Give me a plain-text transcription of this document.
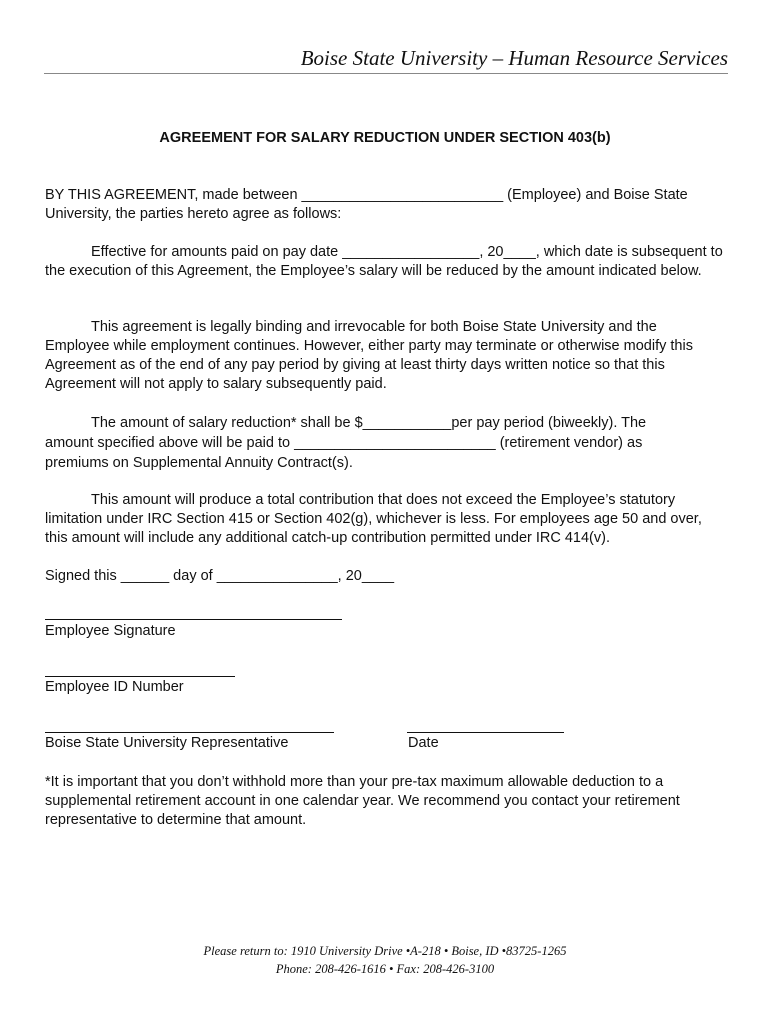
Boise State University – Human Resource Services
AGREEMENT FOR SALARY REDUCTION UNDER SECTION 403(b)

BY THIS AGREEMENT, made between _________________________ (Employee) and Boise State University, the parties hereto agree as follows:

Effective for amounts paid on pay date _________________, 20____, which date is subsequent to the execution of this Agreement, the Employee’s salary will be reduced by the amount indicated below.

This agreement is legally binding and irrevocable for both Boise State University and the Employee while employment continues. However, either party may terminate or otherwise modify this Agreement as of the end of any pay period by giving at least thirty days written notice so that this Agreement will not apply to salary subsequently paid.

The amount of salary reduction* shall be $___________per pay period (biweekly). The
amount specified above will be paid to _________________________ (retirement vendor) as
premiums on Supplemental Annuity Contract(s).

This amount will produce a total contribution that does not exceed the Employee’s statutory limitation under IRC Section 415 or Section 402(g), whichever is less. For employees age 50 and over, this amount will include any additional catch-up contribution permitted under IRC 414(v).

Signed this ______ day of _______________, 20____

Employee Signature
Employee ID Number
Boise State University Representative	Date

*It is important that you don’t withhold more than your pre-tax maximum allowable deduction to a supplemental retirement account in one calendar year. We recommend you contact your retirement representative to determine that amount.

Please return to: 1910 University Drive •A-218 • Boise, ID •83725-1265
Phone: 208-426-1616 • Fax: 208-426-3100
